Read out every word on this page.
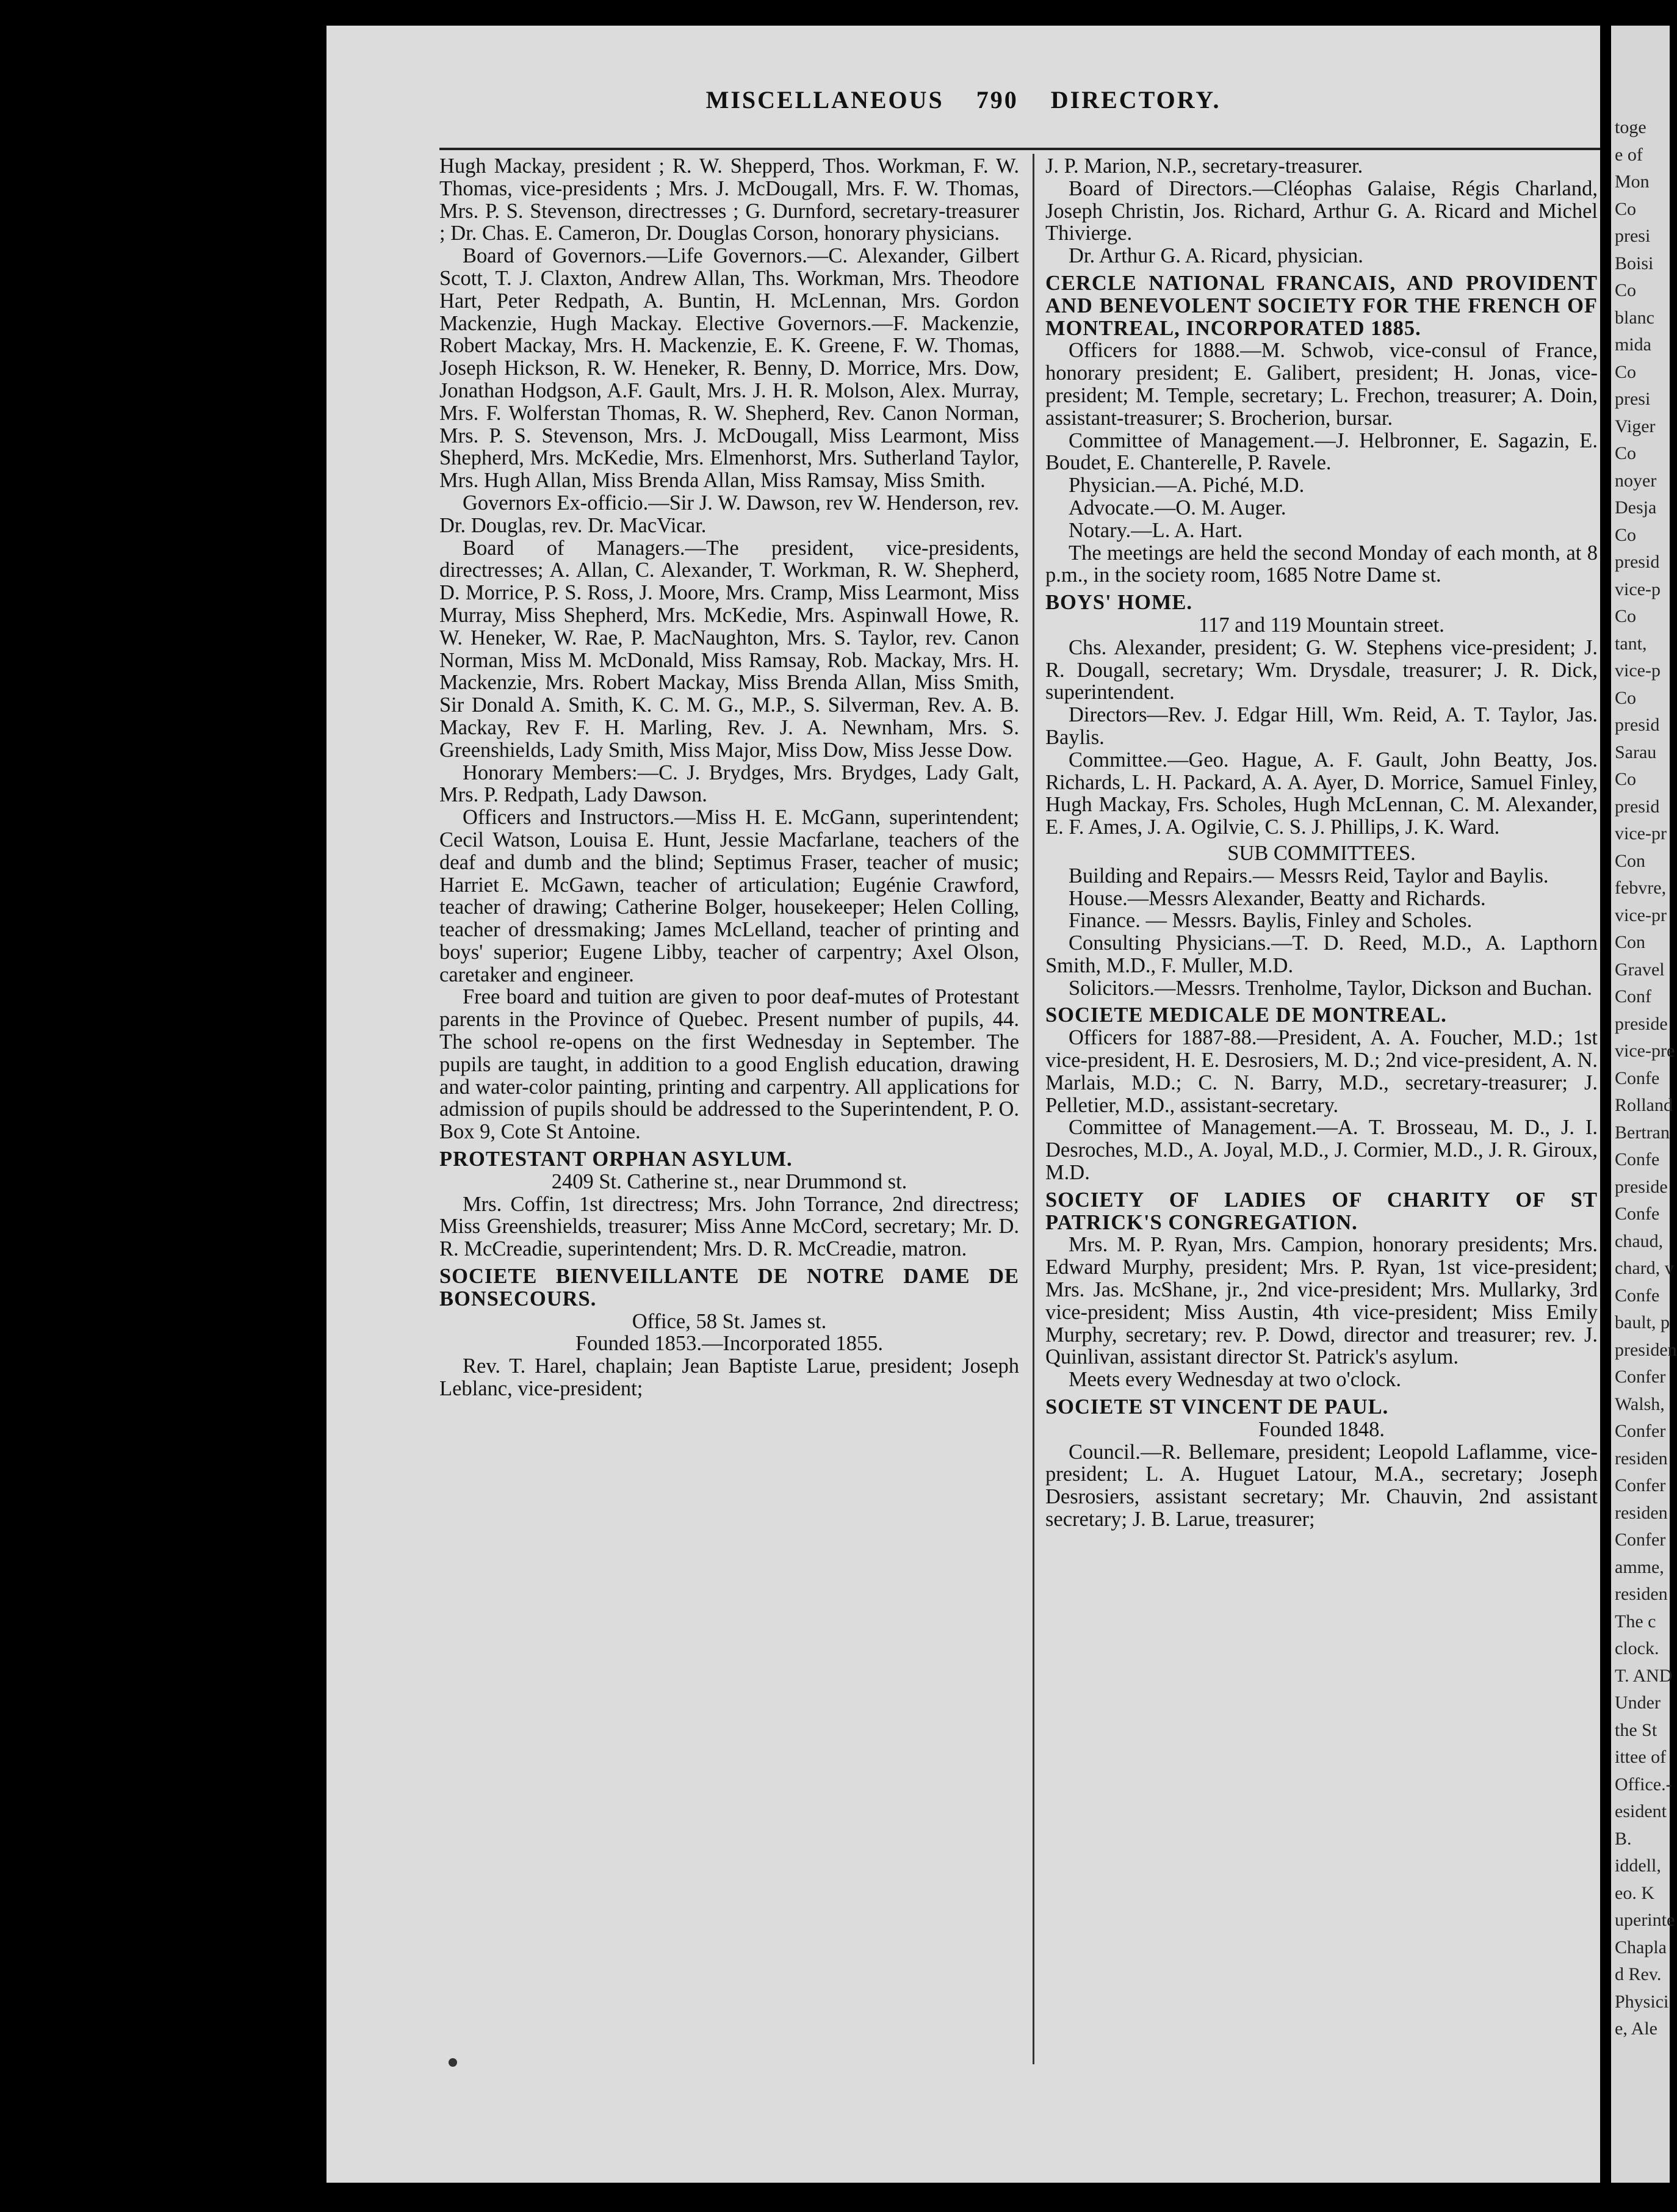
MISCELLANEOUS 790 DIRECTORY.

Hugh Mackay, president ; R. W. Shepperd, Thos. Workman, F. W. Thomas, vice-presidents ; Mrs. J. McDougall, Mrs. F. W. Thomas, Mrs. P. S. Stevenson, directresses ; G. Durnford, secretary-treasurer ; Dr. Chas. E. Cameron, Dr. Douglas Corson, honorary physicians.

Board of Governors.—Life Governors.—C. Alexander, Gilbert Scott, T. J. Claxton, Andrew Allan, Ths. Workman, Mrs. Theodore Hart, Peter Redpath, A. Buntin, H. McLennan, Mrs. Gordon Mackenzie, Hugh Mackay. Elective Governors.—F. Mackenzie, Robert Mackay, Mrs. H. Mackenzie, E. K. Greene, F. W. Thomas, Joseph Hickson, R. W. Heneker, R. Benny, D. Morrice, Mrs. Dow, Jonathan Hodgson, A.F. Gault, Mrs. J. H. R. Molson, Alex. Murray, Mrs. F. Wolferstan Thomas, R. W. Shepherd, Rev. Canon Norman, Mrs. P. S. Stevenson, Mrs. J. McDougall, Miss Learmont, Miss Shepherd, Mrs. McKedie, Mrs. Elmenhorst, Mrs. Sutherland Taylor, Mrs. Hugh Allan, Miss Brenda Allan, Miss Ramsay, Miss Smith.

Governors Ex-officio.—Sir J. W. Dawson, rev W. Henderson, rev. Dr. Douglas, rev. Dr. MacVicar.

Board of Managers.—The president, vice-presidents, directresses; A. Allan, C. Alexander, T. Workman, R. W. Shepherd, D. Morrice, P. S. Ross, J. Moore, Mrs. Cramp, Miss Learmont, Miss Murray, Miss Shepherd, Mrs. McKedie, Mrs. Aspinwall Howe, R. W. Heneker, W. Rae, P. MacNaughton, Mrs. S. Taylor, rev. Canon Norman, Miss M. McDonald, Miss Ramsay, Rob. Mackay, Mrs. H. Mackenzie, Mrs. Robert Mackay, Miss Brenda Allan, Miss Smith, Sir Donald A. Smith, K. C. M. G., M.P., S. Silverman, Rev. A. B. Mackay, Rev F. H. Marling, Rev. J. A. Newnham, Mrs. S. Greenshields, Lady Smith, Miss Major, Miss Dow, Miss Jesse Dow.

Honorary Members:—C. J. Brydges, Mrs. Brydges, Lady Galt, Mrs. P. Redpath, Lady Dawson.

Officers and Instructors.—Miss H. E. McGann, superintendent; Cecil Watson, Louisa E. Hunt, Jessie Macfarlane, teachers of the deaf and dumb and the blind; Septimus Fraser, teacher of music; Harriet E. McGawn, teacher of articulation; Eugénie Crawford, teacher of drawing; Catherine Bolger, housekeeper; Helen Colling, teacher of dressmaking; James McLelland, teacher of printing and boys' superior; Eugene Libby, teacher of carpentry; Axel Olson, caretaker and engineer.

Free board and tuition are given to poor deaf-mutes of Protestant parents in the Province of Quebec. Present number of pupils, 44. The school re-opens on the first Wednesday in September. The pupils are taught, in addition to a good English education, drawing and water-color painting, printing and carpentry. All applications for admission of pupils should be addressed to the Superintendent, P. O. Box 9, Cote St Antoine.

PROTESTANT ORPHAN ASYLUM.

2409 St. Catherine st., near Drummond st.

Mrs. Coffin, 1st directress; Mrs. John Torrance, 2nd directress; Miss Greenshields, treasurer; Miss Anne McCord, secretary; Mr. D. R. McCreadie, superintendent; Mrs. D. R. McCreadie, matron.

SOCIETE BIENVEILLANTE DE NOTRE DAME DE BONSECOURS.

Office, 58 St. James st.

Founded 1853.—Incorporated 1855.

Rev. T. Harel, chaplain; Jean Baptiste Larue, president; Joseph Leblanc, vice-president;

J. P. Marion, N.P., secretary-treasurer.

Board of Directors.—Cléophas Galaise, Régis Charland, Joseph Christin, Jos. Richard, Arthur G. A. Ricard and Michel Thivierge.

Dr. Arthur G. A. Ricard, physician.

CERCLE NATIONAL FRANCAIS, AND PROVIDENT AND BENEVOLENT SOCIETY FOR THE FRENCH OF MONTREAL, INCORPORATED 1885.

Officers for 1888.—M. Schwob, vice-consul of France, honorary president; E. Galibert, president; H. Jonas, vice-president; M. Temple, secretary; L. Frechon, treasurer; A. Doin, assistant-treasurer; S. Brocherion, bursar.

Committee of Management.—J. Helbronner, E. Sagazin, E. Boudet, E. Chanterelle, P. Ravele.

Physician.—A. Piché, M.D.

Advocate.—O. M. Auger.

Notary.—L. A. Hart.

The meetings are held the second Monday of each month, at 8 p.m., in the society room, 1685 Notre Dame st.

BOYS' HOME.

117 and 119 Mountain street.

Chs. Alexander, president; G. W. Stephens vice-president; J. R. Dougall, secretary; Wm. Drysdale, treasurer; J. R. Dick, superintendent.

Directors—Rev. J. Edgar Hill, Wm. Reid, A. T. Taylor, Jas. Baylis.

Committee.—Geo. Hague, A. F. Gault, John Beatty, Jos. Richards, L. H. Packard, A. A. Ayer, D. Morrice, Samuel Finley, Hugh Mackay, Frs. Scholes, Hugh McLennan, C. M. Alexander, E. F. Ames, J. A. Ogilvie, C. S. J. Phillips, J. K. Ward.

SUB COMMITTEES.

Building and Repairs.— Messrs Reid, Taylor and Baylis.

House.—Messrs Alexander, Beatty and Richards.

Finance. — Messrs. Baylis, Finley and Scholes.

Consulting Physicians.—T. D. Reed, M.D., A. Lapthorn Smith, M.D., F. Muller, M.D.

Solicitors.—Messrs. Trenholme, Taylor, Dickson and Buchan.

SOCIETE MEDICALE DE MONTREAL.

Officers for 1887-88.—President, A. A. Foucher, M.D.; 1st vice-president, H. E. Desrosiers, M. D.; 2nd vice-president, A. N. Marlais, M.D.; C. N. Barry, M.D., secretary-treasurer; J. Pelletier, M.D., assistant-secretary.

Committee of Management.—A. T. Brosseau, M. D., J. I. Desroches, M.D., A. Joyal, M.D., J. Cormier, M.D., J. R. Giroux, M.D.

SOCIETY OF LADIES OF CHARITY OF ST PATRICK'S CONGREGATION.

Mrs. M. P. Ryan, Mrs. Campion, honorary presidents; Mrs. Edward Murphy, president; Mrs. P. Ryan, 1st vice-president; Mrs. Jas. McShane, jr., 2nd vice-president; Mrs. Mullarky, 3rd vice-president; Miss Austin, 4th vice-president; Miss Emily Murphy, secretary; rev. P. Dowd, director and treasurer; rev. J. Quinlivan, assistant director St. Patrick's asylum.

Meets every Wednesday at two o'clock.

SOCIETE ST VINCENT DE PAUL.

Founded 1848.

Council.—R. Bellemare, president; Leopold Laflamme, vice-president; L. A. Huguet Latour, M.A., secretary; Joseph Desrosiers, assistant secretary; Mr. Chauvin, 2nd assistant secretary; J. B. Larue, treasurer;

toge
e of
Mon
Co
presi
Boisi
Co
blanc
mida
Co
presi
Viger
Co
noyer
Desja
Co
presid
vice-p
Co
tant,
vice-p
Co
presid
Sarau
Co
presid
vice-pr
Con
febvre,
vice-pr
Con
Gravel
Conf
preside
vice-pre
Confe
Rolland
Bertran
Confe
preside
Confe
chaud,
chard, v
Confe
bault, p
presiden
Confer
Walsh,
Confer
residen
Confer
residen
Confer
amme,
residen
The c
clock.
T. AND
Under
the St
ittee of
Office.-
esident
B.
iddell,
eo. K
uperinte
Chapla
d Rev.
Physici
e, Ale
